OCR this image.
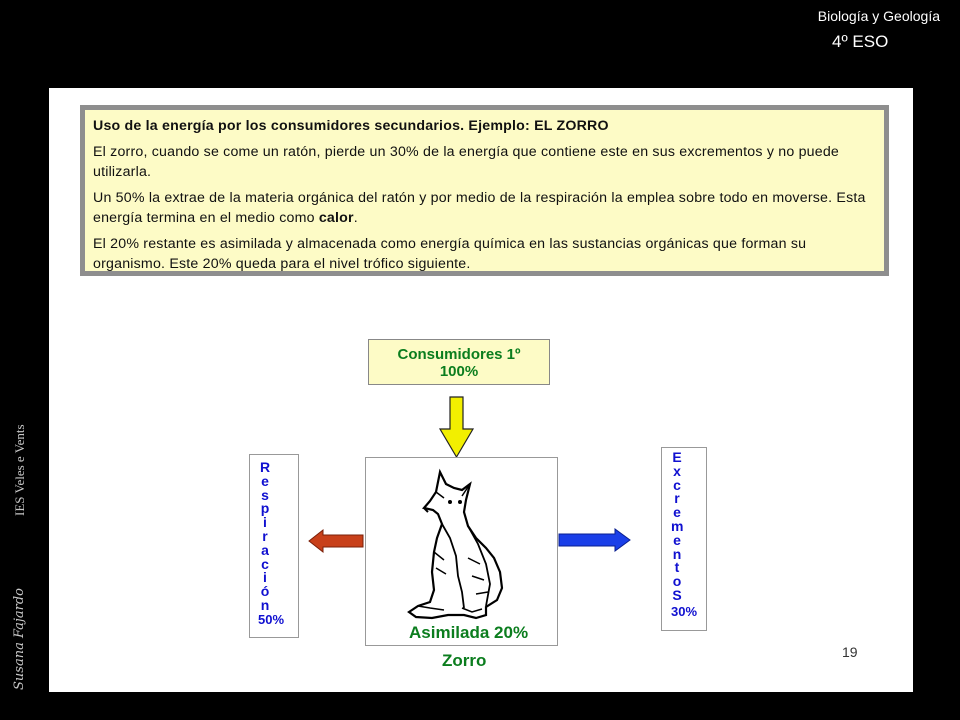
Biología y Geología
4º ESO
IES Veles e Vents
Susana Fajardo

Uso de la energía por los consumidores secundarios. Ejemplo: EL ZORRO

El zorro, cuando se come un ratón, pierde un 30% de la energía que contiene este en sus excrementos y no puede utilizarla.

Un 50% la extrae de la materia orgánica del ratón y por medio de la respiración la emplea sobre todo en moverse. Esta energía termina en el medio como calor.

El 20% restante es asimilada y almacenada como energía química en las sustancias orgánicas que forman su organismo. Este 20% queda para el nivel trófico siguiente.

Consumidores 1º
100%
R
e
s
p
i
r
a
c
i
ó
n
50%
E
x
c
r
e
m
e
n
t
o
S
30%
Asimilada 20%
Zorro	19
